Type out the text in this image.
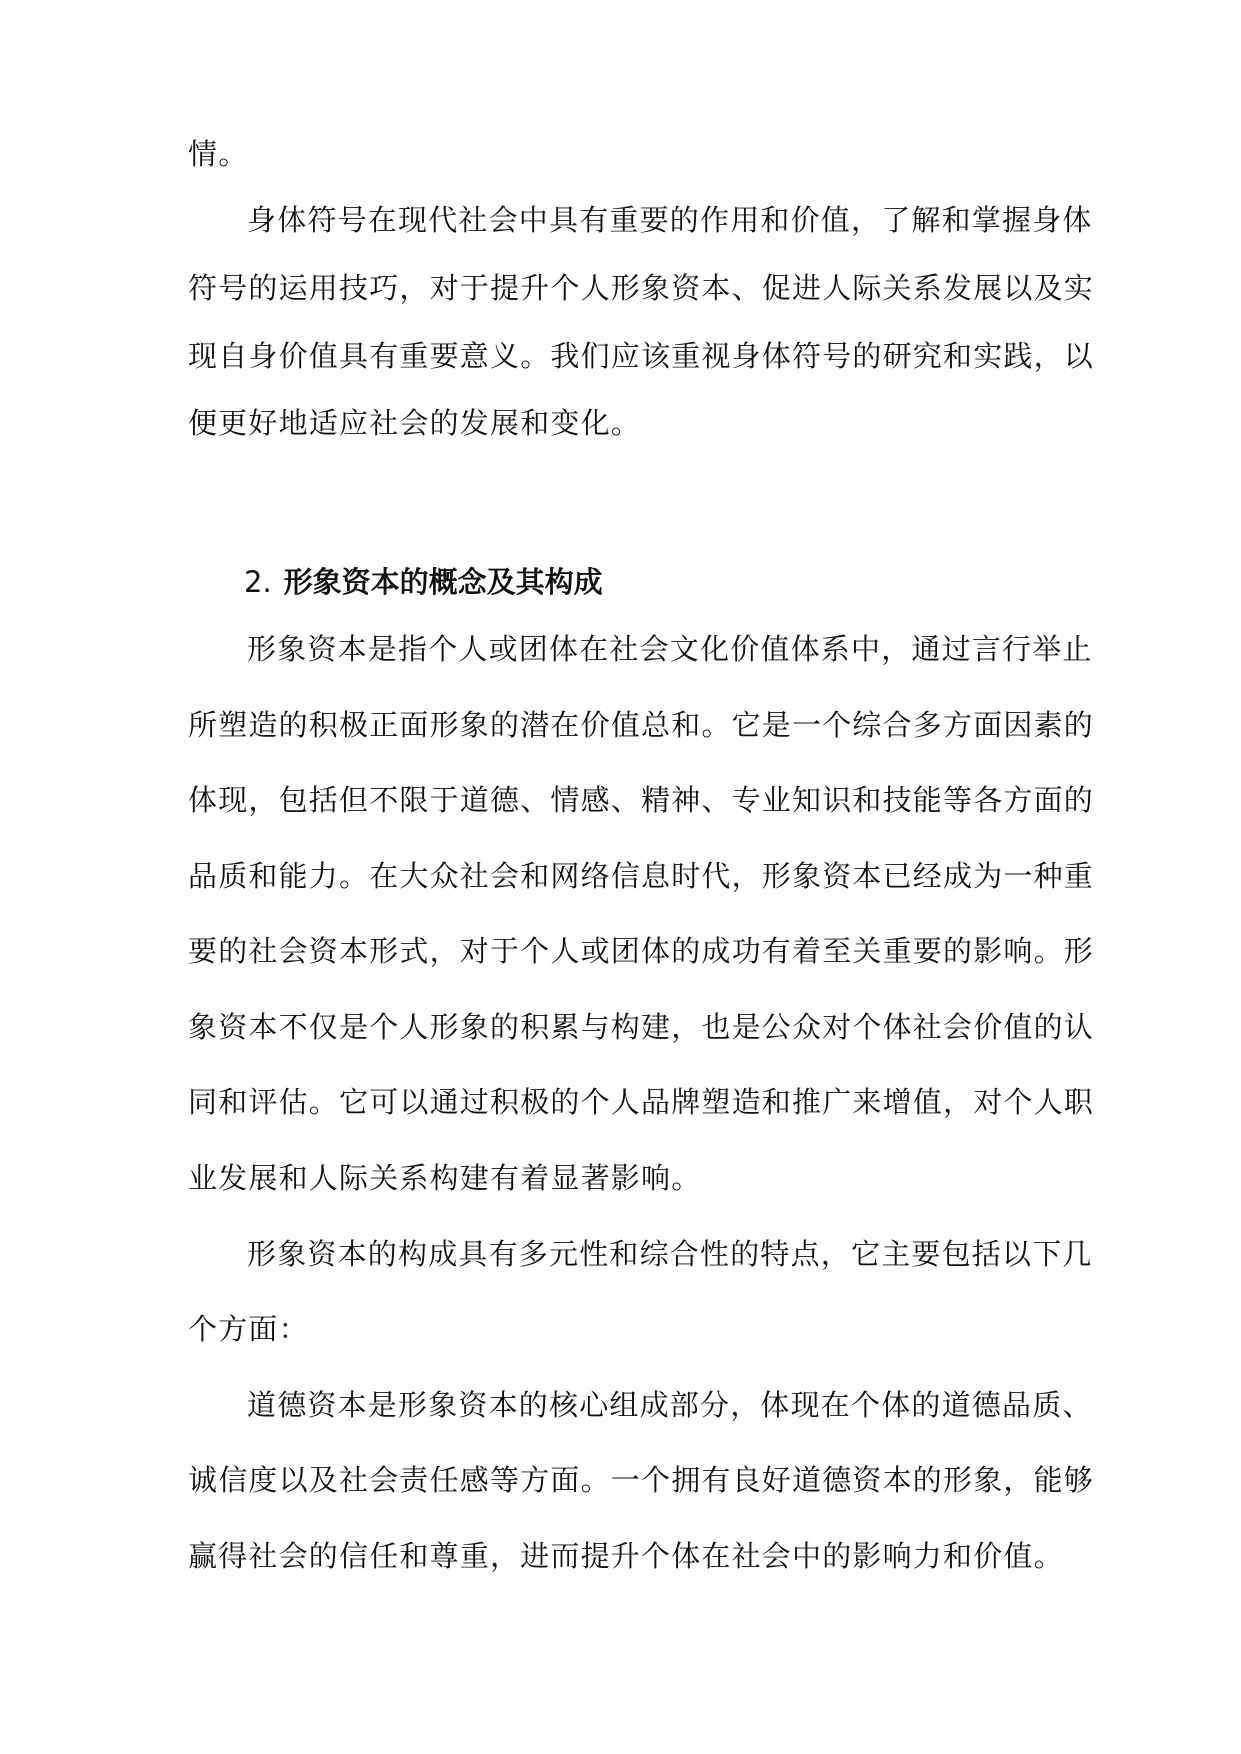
情。
身体符号在现代社会中具有重要的作用和价值，了解和掌握身体
符号的运用技巧，对于提升个人形象资本、促进人际关系发展以及实
现自身价值具有重要意义。我们应该重视身体符号的研究和实践，以
便更好地适应社会的发展和变化。
2. 形象资本的概念及其构成
形象资本是指个人或团体在社会文化价值体系中，通过言行举止
所塑造的积极正面形象的潜在价值总和。它是一个综合多方面因素的
体现，包括但不限于道德、情感、精神、专业知识和技能等各方面的
品质和能力。在大众社会和网络信息时代，形象资本已经成为一种重
要的社会资本形式，对于个人或团体的成功有着至关重要的影响。形
象资本不仅是个人形象的积累与构建，也是公众对个体社会价值的认
同和评估。它可以通过积极的个人品牌塑造和推广来增值，对个人职
业发展和人际关系构建有着显著影响。
形象资本的构成具有多元性和综合性的特点，它主要包括以下几
个方面：
道德资本是形象资本的核心组成部分，体现在个体的道德品质、
诚信度以及社会责任感等方面。一个拥有良好道德资本的形象，能够
赢得社会的信任和尊重，进而提升个体在社会中的影响力和价值。
